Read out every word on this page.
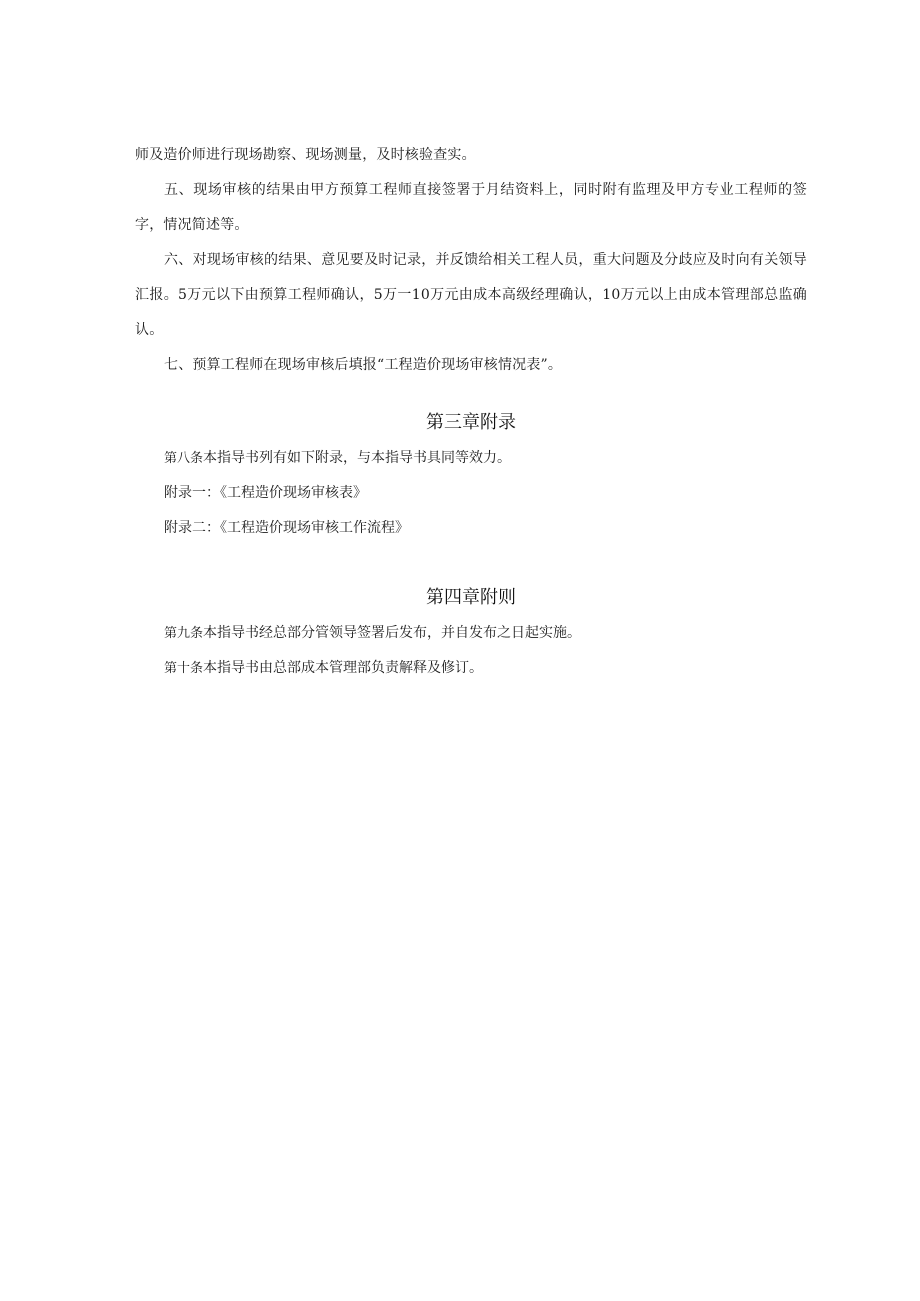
师及造价师进行现场勘察、现场测量，及时核验查实。

五、现场审核的结果由甲方预算工程师直接签署于月结资料上，同时附有监理及甲方专业工程师的签字，情况简述等。

六、对现场审核的结果、意见要及时记录，并反馈给相关工程人员，重大问题及分歧应及时向有关领导汇报。5万元以下由预算工程师确认，5万一10万元由成本高级经理确认，10万元以上由成本管理部总监确认。

七、预算工程师在现场审核后填报“工程造价现场审核情况表”。

第三章附录

第八条本指导书列有如下附录，与本指导书具同等效力。

附录一：《工程造价现场审核表》

附录二：《工程造价现场审核工作流程》

第四章附则

第九条本指导书经总部分管领导签署后发布，并自发布之日起实施。

第十条本指导书由总部成本管理部负责解释及修订。
